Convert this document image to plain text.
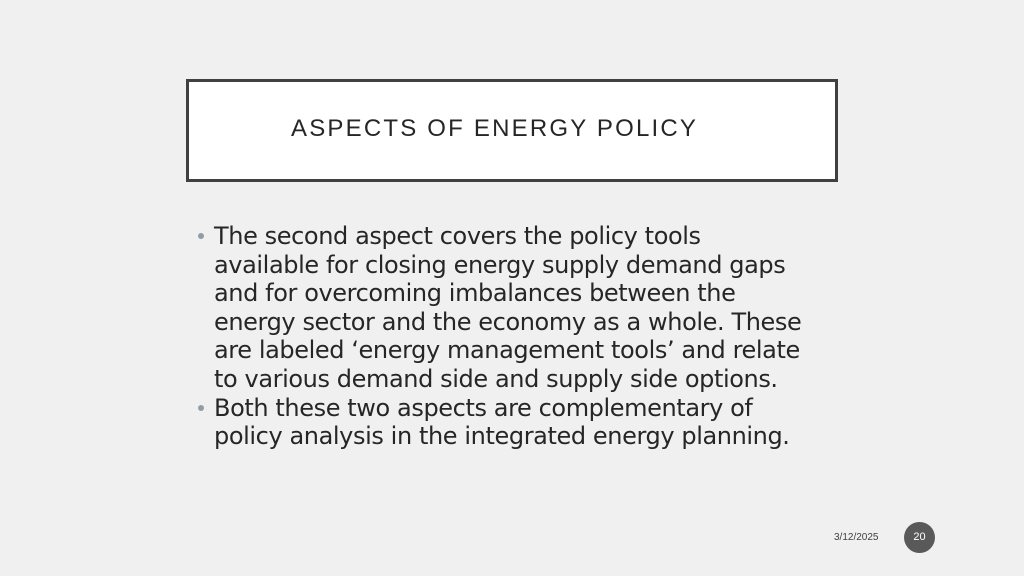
ASPECTS OF ENERGY POLICY
The second aspect covers the policy tools
available for closing energy supply demand gaps
and for overcoming imbalances between the
energy sector and the economy as a whole. These
are labeled ‘energy management tools’ and relate
to various demand side and supply side options.
Both these two aspects are complementary of
policy analysis in the integrated energy planning.
3/12/2025	20
